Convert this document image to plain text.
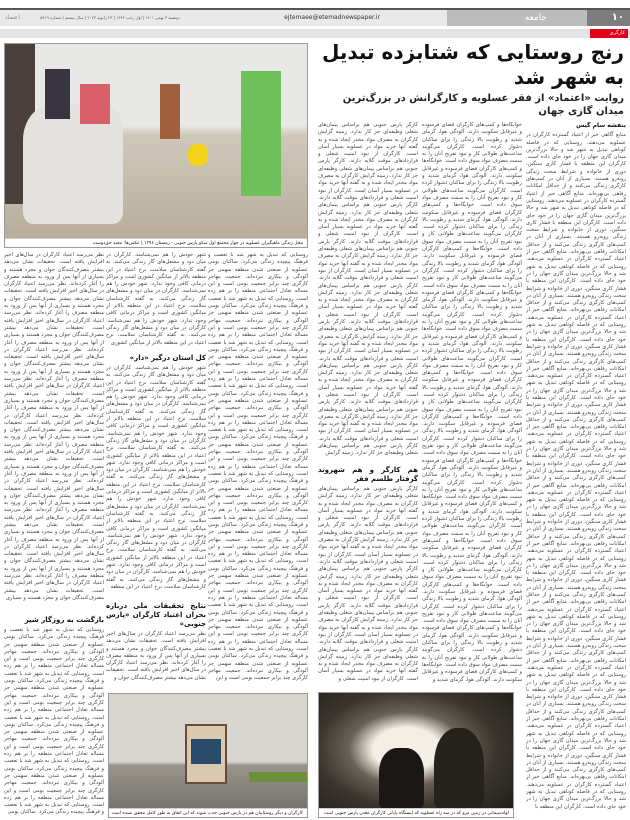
۱۰
جامعه
ejtemaee@etemadnewspaper.ir
دوشنبه ۳ بهمن ۱۴۰۱ | اول رجب ۱۴۴۴ | ۲۳ ژانویه ۲۰۲۳ | سال بیستم | شماره ۵۴۱۹
اعتماد
کارگری
رنج روستایی که شتابزده تبدیل به شهر شد
روایت «اعتماد» از فقر عسلویه و کارگرانش در بزرگ‌ترین میدان گازی جهان
بنفشه سام گیس

منابع آگاهی خبر از اعتیاد گسترده کارگران در عسلویه می‌دهند. روستایی که در فاصله کوتاهی تبدیل به شهر شد و حالا بزرگ‌ترین میدان گازی جهان را در خود جای داده است. کارگران این منطقه با فشار کاری سنگین، دوری از خانواده و شرایط سخت زندگی روبه‌رو هستند. بسیاری از آنان در کمپ‌های کارگری زندگی می‌کنند و از حداقل امکانات رفاهی بی‌بهره‌اند. منابع آگاهی خبر از اعتیاد گسترده کارگران در عسلویه می‌دهند. روستایی که در فاصله کوتاهی تبدیل به شهر شد و حالا بزرگ‌ترین میدان گازی جهان را در خود جای داده است. کارگران این منطقه با فشار کاری سنگین، دوری از خانواده و شرایط سخت زندگی روبه‌رو هستند. بسیاری از آنان در کمپ‌های کارگری زندگی می‌کنند و از حداقل امکانات رفاهی بی‌بهره‌اند. منابع آگاهی خبر از اعتیاد گسترده کارگران در عسلویه می‌دهند. روستایی که در فاصله کوتاهی تبدیل به شهر شد و حالا بزرگ‌ترین میدان گازی جهان را در خود جای داده است. کارگران این منطقه با فشار کاری سنگین، دوری از خانواده و شرایط سخت زندگی روبه‌رو هستند. بسیاری از آنان در کمپ‌های کارگری زندگی می‌کنند و از حداقل امکانات رفاهی بی‌بهره‌اند. منابع آگاهی خبر از اعتیاد گسترده کارگران در عسلویه می‌دهند. روستایی که در فاصله کوتاهی تبدیل به شهر شد و حالا بزرگ‌ترین میدان گازی جهان را در خود جای داده است. کارگران این منطقه با فشار کاری سنگین، دوری از خانواده و شرایط سخت زندگی روبه‌رو هستند. بسیاری از آنان در کمپ‌های کارگری زندگی می‌کنند و از حداقل امکانات رفاهی بی‌بهره‌اند. منابع آگاهی خبر از اعتیاد گسترده کارگران در عسلویه می‌دهند. روستایی که در فاصله کوتاهی تبدیل به شهر شد و حالا بزرگ‌ترین میدان گازی جهان را در خود جای داده است. کارگران این منطقه با فشار کاری سنگین، دوری از خانواده و شرایط سخت زندگی روبه‌رو هستند. بسیاری از آنان در کمپ‌های کارگری زندگی می‌کنند و از حداقل امکانات رفاهی بی‌بهره‌اند. منابع آگاهی خبر از اعتیاد گسترده کارگران در عسلویه می‌دهند. روستایی که در فاصله کوتاهی تبدیل به شهر شد و حالا بزرگ‌ترین میدان گازی جهان را در خود جای داده است. کارگران این منطقه با فشار کاری سنگین، دوری از خانواده و شرایط سخت زندگی روبه‌رو هستند. بسیاری از آنان در کمپ‌های کارگری زندگی می‌کنند و از حداقل امکانات رفاهی بی‌بهره‌اند. منابع آگاهی خبر از اعتیاد گسترده کارگران در عسلویه می‌دهند. روستایی که در فاصله کوتاهی تبدیل به شهر شد و حالا بزرگ‌ترین میدان گازی جهان را در خود جای داده است. کارگران این منطقه با فشار کاری سنگین، دوری از خانواده و شرایط سخت زندگی روبه‌رو هستند. بسیاری از آنان در کمپ‌های کارگری زندگی می‌کنند و از حداقل امکانات رفاهی بی‌بهره‌اند. منابع آگاهی خبر از اعتیاد گسترده کارگران در عسلویه می‌دهند. روستایی که در فاصله کوتاهی تبدیل به شهر شد و حالا بزرگ‌ترین میدان گازی جهان را در خود جای داده است. کارگران این منطقه با فشار کاری سنگین، دوری از خانواده و شرایط سخت زندگی روبه‌رو هستند. بسیاری از آنان در کمپ‌های کارگری زندگی می‌کنند و از حداقل امکانات رفاهی بی‌بهره‌اند. منابع آگاهی خبر از اعتیاد گسترده کارگران در عسلویه می‌دهند. روستایی که در فاصله کوتاهی تبدیل به شهر شد و حالا بزرگ‌ترین میدان گازی جهان را در خود جای داده است. کارگران این منطقه با فشار کاری سنگین، دوری از خانواده و شرایط سخت زندگی روبه‌رو هستند. بسیاری از آنان در کمپ‌های کارگری زندگی می‌کنند و از حداقل امکانات رفاهی بی‌بهره‌اند. منابع آگاهی خبر از اعتیاد گسترده کارگران در عسلویه می‌دهند. روستایی که در فاصله کوتاهی تبدیل به شهر شد و حالا بزرگ‌ترین میدان گازی جهان را در خود جای داده است. کارگران این منطقه با فشار کاری سنگین، دوری از خانواده و شرایط سخت زندگی روبه‌رو هستند. بسیاری از آنان در کمپ‌های کارگری زندگی می‌کنند و از حداقل امکانات رفاهی بی‌بهره‌اند. منابع آگاهی خبر از اعتیاد گسترده کارگران در عسلویه می‌دهند. روستایی که در فاصله کوتاهی تبدیل به شهر شد و حالا بزرگ‌ترین میدان گازی جهان را در خود جای داده است. کارگران این منطقه با فشار کاری سنگین، دوری از خانواده و شرایط سخت زندگی روبه‌رو هستند. بسیاری از آنان در کمپ‌های کارگری زندگی می‌کنند و از حداقل امکانات رفاهی بی‌بهره‌اند. منابع آگاهی خبر از اعتیاد گسترده کارگران در عسلویه می‌دهند. روستایی که در فاصله کوتاهی تبدیل به شهر شد و حالا بزرگ‌ترین میدان گازی جهان را در خود جای داده است. کارگران این منطقه با

خوابگاه‌ها و کمپ‌های کارگران فضای فرسوده و غیرقابل سکونت دارند. آلودگی هوا، گرمای شدید و رطوبت بالا زندگی را برای ساکنان دشوار کرده است. کارگران می‌گویند ساعت‌های طولانی کار و نبود تفریح آنان را به سمت مصرف مواد سوق داده است. خوابگاه‌ها و کمپ‌های کارگران فضای فرسوده و غیرقابل سکونت دارند. آلودگی هوا، گرمای شدید و رطوبت بالا زندگی را برای ساکنان دشوار کرده است. کارگران می‌گویند ساعت‌های طولانی کار و نبود تفریح آنان را به سمت مصرف مواد سوق داده است. خوابگاه‌ها و کمپ‌های کارگران فضای فرسوده و غیرقابل سکونت دارند. آلودگی هوا، گرمای شدید و رطوبت بالا زندگی را برای ساکنان دشوار کرده است. کارگران می‌گویند ساعت‌های طولانی کار و نبود تفریح آنان را به سمت مصرف مواد سوق داده است. خوابگاه‌ها و کمپ‌های کارگران فضای فرسوده و غیرقابل سکونت دارند. آلودگی هوا، گرمای شدید و رطوبت بالا زندگی را برای ساکنان دشوار کرده است. کارگران می‌گویند ساعت‌های طولانی کار و نبود تفریح آنان را به سمت مصرف مواد سوق داده است. خوابگاه‌ها و کمپ‌های کارگران فضای فرسوده و غیرقابل سکونت دارند. آلودگی هوا، گرمای شدید و رطوبت بالا زندگی را برای ساکنان دشوار کرده است. کارگران می‌گویند ساعت‌های طولانی کار و نبود تفریح آنان را به سمت مصرف مواد سوق داده است. خوابگاه‌ها و کمپ‌های کارگران فضای فرسوده و غیرقابل سکونت دارند. آلودگی هوا، گرمای شدید و رطوبت بالا زندگی را برای ساکنان دشوار کرده است. کارگران می‌گویند ساعت‌های طولانی کار و نبود تفریح آنان را به سمت مصرف مواد سوق داده است. خوابگاه‌ها و کمپ‌های کارگران فضای فرسوده و غیرقابل سکونت دارند. آلودگی هوا، گرمای شدید و رطوبت بالا زندگی را برای ساکنان دشوار کرده است. کارگران می‌گویند ساعت‌های طولانی کار و نبود تفریح آنان را به سمت مصرف مواد سوق داده است. خوابگاه‌ها و کمپ‌های کارگران فضای فرسوده و غیرقابل سکونت دارند. آلودگی هوا، گرمای شدید و رطوبت بالا زندگی را برای ساکنان دشوار کرده است. کارگران می‌گویند ساعت‌های طولانی کار و نبود تفریح آنان را به سمت مصرف مواد سوق داده است. خوابگاه‌ها و کمپ‌های کارگران فضای فرسوده و غیرقابل سکونت دارند. آلودگی هوا، گرمای شدید و رطوبت بالا زندگی را برای ساکنان دشوار کرده است. کارگران می‌گویند ساعت‌های طولانی کار و نبود تفریح آنان را به سمت مصرف مواد سوق داده است. خوابگاه‌ها و کمپ‌های کارگران فضای فرسوده و غیرقابل سکونت دارند. آلودگی هوا، گرمای شدید و رطوبت بالا زندگی را برای ساکنان دشوار کرده است. کارگران می‌گویند ساعت‌های طولانی کار و نبود تفریح آنان را به سمت مصرف مواد سوق داده است. خوابگاه‌ها و کمپ‌های کارگران فضای فرسوده و غیرقابل سکونت دارند. آلودگی هوا، گرمای شدید و رطوبت بالا زندگی را برای ساکنان دشوار کرده است. کارگران می‌گویند ساعت‌های طولانی کار و نبود تفریح آنان را به سمت مصرف مواد سوق داده است. خوابگاه‌ها و کمپ‌های کارگران فضای فرسوده و غیرقابل سکونت دارند. آلودگی هوا، گرمای شدید و رطوبت بالا زندگی را برای ساکنان دشوار کرده است. کارگران می‌گویند ساعت‌های طولانی کار و نبود تفریح آنان را به سمت مصرف مواد سوق داده است. خوابگاه‌ها و کمپ‌های کارگران فضای فرسوده و غیرقابل سکونت دارند. آلودگی هوا، گرمای شدید و رطوبت بالا زندگی را برای ساکنان دشوار کرده است. کارگران می‌گویند ساعت‌های طولانی کار و نبود تفریح آنان را به سمت مصرف مواد سوق داده است. خوابگاه‌ها و کمپ‌های کارگران فضای فرسوده و غیرقابل سکونت دارند. آلودگی هوا، گرمای شدید و

کارگر پارس جنوبی هم براساس پیمان‌های شغلی وظیفه‌ای جز کار ندارد. زمینه گرایش کارگران به مصرف مواد مخدر ایجاد شده و به گفته آنها خرید مواد در عسلویه بسیار آسان است. کارگران از نبود امنیت شغلی و قراردادهای موقت گلایه دارند. کارگر پارس جنوبی هم براساس پیمان‌های شغلی وظیفه‌ای جز کار ندارد. زمینه گرایش کارگران به مصرف مواد مخدر ایجاد شده و به گفته آنها خرید مواد در عسلویه بسیار آسان است. کارگران از نبود امنیت شغلی و قراردادهای موقت گلایه دارند. کارگر پارس جنوبی هم براساس پیمان‌های شغلی وظیفه‌ای جز کار ندارد. زمینه گرایش کارگران به مصرف مواد مخدر ایجاد شده و به گفته آنها خرید مواد در عسلویه بسیار آسان است. کارگران از نبود امنیت شغلی و قراردادهای موقت گلایه دارند. کارگر پارس جنوبی هم براساس پیمان‌های شغلی وظیفه‌ای جز کار ندارد. زمینه گرایش کارگران به مصرف مواد مخدر ایجاد شده و به گفته آنها خرید مواد در عسلویه بسیار آسان است. کارگران از نبود امنیت شغلی و قراردادهای موقت گلایه دارند. کارگر پارس جنوبی هم براساس پیمان‌های شغلی وظیفه‌ای جز کار ندارد. زمینه گرایش کارگران به مصرف مواد مخدر ایجاد شده و به گفته آنها خرید مواد در عسلویه بسیار آسان است. کارگران از نبود امنیت شغلی و قراردادهای موقت گلایه دارند. کارگر پارس جنوبی هم براساس پیمان‌های شغلی وظیفه‌ای جز کار ندارد. زمینه گرایش کارگران به مصرف مواد مخدر ایجاد شده و به گفته آنها خرید مواد در عسلویه بسیار آسان است. کارگران از نبود امنیت شغلی و قراردادهای موقت گلایه دارند. کارگر پارس جنوبی هم براساس پیمان‌های شغلی وظیفه‌ای جز کار ندارد. زمینه گرایش کارگران به مصرف مواد مخدر ایجاد شده و به گفته آنها خرید مواد در عسلویه بسیار آسان است. کارگران از نبود امنیت شغلی و قراردادهای موقت گلایه دارند. کارگر پارس جنوبی هم براساس پیمان‌های شغلی وظیفه‌ای جز کار ندارد. زمینه گرایش کارگران به مصرف مواد مخدر ایجاد شده و به گفته آنها خرید مواد در عسلویه بسیار آسان است. کارگران از نبود امنیت شغلی و قراردادهای موقت گلایه دارند. کارگر پارس جنوبی هم براساس پیمان‌های شغلی وظیفه‌ای جز کار ندارد. زمینه گرایش

هم کارگر و هم شهروند گرفتار طلسم فقر

کارگر پارس جنوبی هم براساس پیمان‌های شغلی وظیفه‌ای جز کار ندارد. زمینه گرایش کارگران به مصرف مواد مخدر ایجاد شده و به گفته آنها خرید مواد در عسلویه بسیار آسان است. کارگران از نبود امنیت شغلی و قراردادهای موقت گلایه دارند. کارگر پارس جنوبی هم براساس پیمان‌های شغلی وظیفه‌ای جز کار ندارد. زمینه گرایش کارگران به مصرف مواد مخدر ایجاد شده و به گفته آنها خرید مواد در عسلویه بسیار آسان است. کارگران از نبود امنیت شغلی و قراردادهای موقت گلایه دارند. کارگر پارس جنوبی هم براساس پیمان‌های شغلی وظیفه‌ای جز کار ندارد. زمینه گرایش کارگران به مصرف مواد مخدر ایجاد شده و به گفته آنها خرید مواد در عسلویه بسیار آسان است. کارگران از نبود امنیت شغلی و قراردادهای موقت گلایه دارند. کارگر پارس جنوبی هم براساس پیمان‌های شغلی وظیفه‌ای جز کار ندارد. زمینه گرایش کارگران به مصرف مواد مخدر ایجاد شده و به گفته آنها خرید مواد در عسلویه بسیار آسان است. کارگران از نبود امنیت شغلی و قراردادهای موقت گلایه دارند. کارگر پارس جنوبی هم براساس پیمان‌های شغلی وظیفه‌ای جز کار ندارد. زمینه گرایش کارگران به مصرف مواد مخدر ایجاد شده و به گفته آنها خرید مواد در عسلویه بسیار آسان است. کارگران از نبود امنیت شغلی و

لوله‌سیمانی در زمین مرو که در سه راه عسلویه که ایستگاه پایانی کارگران معدن پارس جنوبی است
محل زندگی ماهیگیران عسلویه در جوار مجتمع اول سکو پارس جنوبی - زمستان ۱۳۹۶ | عکس‌ها: مجید حق‌دوست

روستایی که تبدیل به شهر شد با تعصب و فرهنگ پیچیده زندگی می‌کرد. ساکنان بومی عسلویه از صنعتی شدن منطقه سهمی جز آلودگی و بیکاری نبرده‌اند. جمعیت مهاجر کارگری چند برابر جمعیت بومی است و این مساله تعادل اجتماعی منطقه را بر هم زده است. روستایی که تبدیل به شهر شد با تعصب و فرهنگ پیچیده زندگی می‌کرد. ساکنان بومی عسلویه از صنعتی شدن منطقه سهمی جز آلودگی و بیکاری نبرده‌اند. جمعیت مهاجر کارگری چند برابر جمعیت بومی است و این مساله تعادل اجتماعی منطقه را بر هم زده است. روستایی که تبدیل به شهر شد با تعصب و فرهنگ پیچیده زندگی می‌کرد. ساکنان بومی عسلویه از صنعتی شدن منطقه سهمی جز آلودگی و بیکاری نبرده‌اند. جمعیت مهاجر کارگری چند برابر جمعیت بومی است و این مساله تعادل اجتماعی منطقه را بر هم زده است. روستایی که تبدیل به شهر شد با تعصب و فرهنگ پیچیده زندگی می‌کرد. ساکنان بومی عسلویه از صنعتی شدن منطقه سهمی جز آلودگی و بیکاری نبرده‌اند. جمعیت مهاجر کارگری چند برابر جمعیت بومی است و این مساله تعادل اجتماعی منطقه را بر هم زده است. روستایی که تبدیل به شهر شد با تعصب و فرهنگ پیچیده زندگی می‌کرد. ساکنان بومی عسلویه از صنعتی شدن منطقه سهمی جز آلودگی و بیکاری نبرده‌اند. جمعیت مهاجر کارگری چند برابر جمعیت بومی است و این مساله تعادل اجتماعی منطقه را بر هم زده است. روستایی که تبدیل به شهر شد با تعصب و فرهنگ پیچیده زندگی می‌کرد. ساکنان بومی عسلویه از صنعتی شدن منطقه سهمی جز آلودگی و بیکاری نبرده‌اند. جمعیت مهاجر کارگری چند برابر جمعیت بومی است و این مساله تعادل اجتماعی منطقه را بر هم زده است. روستایی که تبدیل به شهر شد با تعصب و فرهنگ پیچیده زندگی می‌کرد. ساکنان بومی عسلویه از صنعتی شدن منطقه سهمی جز آلودگی و بیکاری نبرده‌اند. جمعیت مهاجر کارگری چند برابر جمعیت بومی است و این مساله تعادل اجتماعی منطقه را بر هم زده است. روستایی که تبدیل به شهر شد با تعصب و فرهنگ پیچیده زندگی می‌کرد. ساکنان بومی عسلویه از صنعتی شدن منطقه سهمی جز آلودگی و بیکاری نبرده‌اند. جمعیت مهاجر کارگری چند برابر جمعیت بومی است و این مساله تعادل اجتماعی منطقه را بر هم زده است. روستایی که تبدیل به شهر شد با تعصب و فرهنگ پیچیده زندگی می‌کرد. ساکنان بومی عسلویه از صنعتی شدن منطقه سهمی جز آلودگی و بیکاری نبرده‌اند. جمعیت مهاجر کارگری چند برابر جمعیت بومی است و این مساله تعادل اجتماعی منطقه را بر هم زده است. روستایی که تبدیل به شهر شد با تعصب و فرهنگ پیچیده زندگی می‌کرد. ساکنان بومی عسلویه از صنعتی شدن منطقه سهمی جز آلودگی و بیکاری نبرده‌اند. جمعیت مهاجر کارگری چند برابر جمعیت بومی است و این

شهر خودش را هم نمی‌شناسد. کارگران در میان دود و مشعل‌های گاز زندگی می‌کنند. به گفته کارشناسان سلامت، نرخ اعتیاد در این منطقه بالاتر از میانگین کشوری است و مراکز درمانی کافی وجود ندارد. شهر خودش را هم نمی‌شناسد. کارگران در میان دود و مشعل‌های گاز زندگی می‌کنند. به گفته کارشناسان سلامت، نرخ اعتیاد در این منطقه بالاتر از میانگین کشوری است و مراکز درمانی کافی وجود ندارد. شهر خودش را هم نمی‌شناسد. کارگران در میان دود و مشعل‌های گاز زندگی می‌کنند. به گفته کارشناسان سلامت، نرخ اعتیاد در این منطقه بالاتر از میانگین کشوری

کل استان درگیر «دار»

شهر خودش را هم نمی‌شناسد. کارگران در میان دود و مشعل‌های گاز زندگی می‌کنند. به گفته کارشناسان سلامت، نرخ اعتیاد در این منطقه بالاتر از میانگین کشوری است و مراکز درمانی کافی وجود ندارد. شهر خودش را هم نمی‌شناسد. کارگران در میان دود و مشعل‌های گاز زندگی می‌کنند. به گفته کارشناسان سلامت، نرخ اعتیاد در این منطقه بالاتر از میانگین کشوری است و مراکز درمانی کافی وجود ندارد. شهر خودش را هم نمی‌شناسد. کارگران در میان دود و مشعل‌های گاز زندگی می‌کنند. به گفته کارشناسان سلامت، نرخ اعتیاد در این منطقه بالاتر از میانگین کشوری است و مراکز درمانی کافی وجود ندارد. شهر خودش را هم نمی‌شناسد. کارگران در میان دود و مشعل‌های گاز زندگی می‌کنند. به گفته کارشناسان سلامت، نرخ اعتیاد در این منطقه بالاتر از میانگین کشوری است و مراکز درمانی کافی وجود ندارد. شهر خودش را هم نمی‌شناسد. کارگران در میان دود و مشعل‌های گاز زندگی می‌کنند. به گفته کارشناسان سلامت، نرخ اعتیاد در این منطقه بالاتر از میانگین کشوری است و مراکز درمانی کافی وجود ندارد. شهر خودش را هم نمی‌شناسد. کارگران در میان دود و مشعل‌های گاز زندگی می‌کنند. به گفته کارشناسان سلامت، نرخ اعتیاد در این منطقه بالاتر از میانگین کشوری است و مراکز درمانی کافی وجود ندارد. شهر خودش را هم نمی‌شناسد. کارگران در میان دود و مشعل‌های گاز زندگی می‌کنند. به گفته کارشناسان سلامت، نرخ اعتیاد در این منطقه

نتایج تحقیقات ملی درباره بحران اعتیاد کارگران «پارس جنوبی»

نظر می‌رسد اعتیاد کارگران در سال‌های اخیر افزایش یافته است. تحقیقات نشان می‌دهد بیشتر مصرف‌کنندگان جوان و مجرد هستند و بسیاری از آنها پس از ورود به منطقه مصرف را آغاز کرده‌اند. نظر می‌رسد اعتیاد کارگران در سال‌های اخیر افزایش یافته است. تحقیقات نشان می‌دهد بیشتر مصرف‌کنندگان جوان و

نظر می‌رسد اعتیاد کارگران در سال‌های اخیر افزایش یافته است. تحقیقات نشان می‌دهد بیشتر مصرف‌کنندگان جوان و مجرد هستند و بسیاری از آنها پس از ورود به منطقه مصرف را آغاز کرده‌اند. نظر می‌رسد اعتیاد کارگران در سال‌های اخیر افزایش یافته است. تحقیقات نشان می‌دهد بیشتر مصرف‌کنندگان جوان و مجرد هستند و بسیاری از آنها پس از ورود به منطقه مصرف را آغاز کرده‌اند. نظر می‌رسد اعتیاد کارگران در سال‌های اخیر افزایش یافته است. تحقیقات نشان می‌دهد بیشتر مصرف‌کنندگان جوان و مجرد هستند و بسیاری از آنها پس از ورود به منطقه مصرف را آغاز کرده‌اند. نظر می‌رسد اعتیاد کارگران در سال‌های اخیر افزایش یافته است. تحقیقات نشان می‌دهد بیشتر مصرف‌کنندگان جوان و مجرد هستند و بسیاری از آنها پس از ورود به منطقه مصرف را آغاز کرده‌اند. نظر می‌رسد اعتیاد کارگران در سال‌های اخیر افزایش یافته است. تحقیقات نشان می‌دهد بیشتر مصرف‌کنندگان جوان و مجرد هستند و بسیاری از آنها پس از ورود به منطقه مصرف را آغاز کرده‌اند. نظر می‌رسد اعتیاد کارگران در سال‌های اخیر افزایش یافته است. تحقیقات نشان می‌دهد بیشتر مصرف‌کنندگان جوان و مجرد هستند و بسیاری از آنها پس از ورود به منطقه مصرف را آغاز کرده‌اند. نظر می‌رسد اعتیاد کارگران در سال‌های اخیر افزایش یافته است. تحقیقات نشان می‌دهد بیشتر مصرف‌کنندگان جوان و مجرد هستند و بسیاری از آنها پس از ورود به منطقه مصرف را آغاز کرده‌اند. نظر می‌رسد اعتیاد کارگران در سال‌های اخیر افزایش یافته است. تحقیقات نشان می‌دهد بیشتر مصرف‌کنندگان جوان و مجرد هستند و بسیاری از آنها پس از ورود به منطقه مصرف را آغاز کرده‌اند. نظر می‌رسد اعتیاد کارگران در سال‌های اخیر افزایش یافته است. تحقیقات نشان می‌دهد بیشتر مصرف‌کنندگان جوان و مجرد هستند و بسیاری از آنها پس از ورود به منطقه مصرف را آغاز کرده‌اند. نظر می‌رسد اعتیاد کارگران در سال‌های اخیر افزایش یافته است. تحقیقات نشان می‌دهد بیشتر مصرف‌کنندگان جوان و مجرد هستند و بسیاری از آنها پس از ورود به منطقه مصرف را آغاز کرده‌اند. نظر می‌رسد اعتیاد کارگران در سال‌های اخیر افزایش یافته است. تحقیقات نشان می‌دهد بیشتر مصرف‌کنندگان جوان و مجرد هستند و بسیاری

بازگشت به روزگار شیر

روستایی که تبدیل به شهر شد با تعصب و فرهنگ پیچیده زندگی می‌کرد. ساکنان بومی عسلویه از صنعتی شدن منطقه سهمی جز آلودگی و بیکاری نبرده‌اند. جمعیت مهاجر کارگری چند برابر جمعیت بومی است و این مساله تعادل اجتماعی منطقه را بر هم زده است. روستایی که تبدیل به شهر شد با تعصب و فرهنگ پیچیده زندگی می‌کرد. ساکنان بومی عسلویه از صنعتی شدن منطقه سهمی جز آلودگی و بیکاری نبرده‌اند. جمعیت مهاجر کارگری چند برابر جمعیت بومی است و این مساله تعادل اجتماعی منطقه را بر هم زده است. روستایی که تبدیل به شهر شد با تعصب و فرهنگ پیچیده زندگی می‌کرد. ساکنان بومی عسلویه از صنعتی شدن منطقه سهمی جز آلودگی و بیکاری نبرده‌اند. جمعیت مهاجر کارگری چند برابر جمعیت بومی است و این مساله تعادل اجتماعی منطقه را بر هم زده است. روستایی که تبدیل به شهر شد با تعصب و فرهنگ پیچیده زندگی می‌کرد. ساکنان بومی عسلویه از صنعتی شدن منطقه سهمی جز آلودگی و بیکاری نبرده‌اند. جمعیت مهاجر کارگری چند برابر جمعیت بومی است و این مساله تعادل اجتماعی منطقه را بر هم زده است. روستایی که تبدیل به شهر شد با تعصب و فرهنگ پیچیده زندگی می‌کرد. ساکنان بومی	کارگران و دیگر روستاییان هم در پارس جنوبی جذب شوند که این اتفاق به طور کامل محقق نشده است
